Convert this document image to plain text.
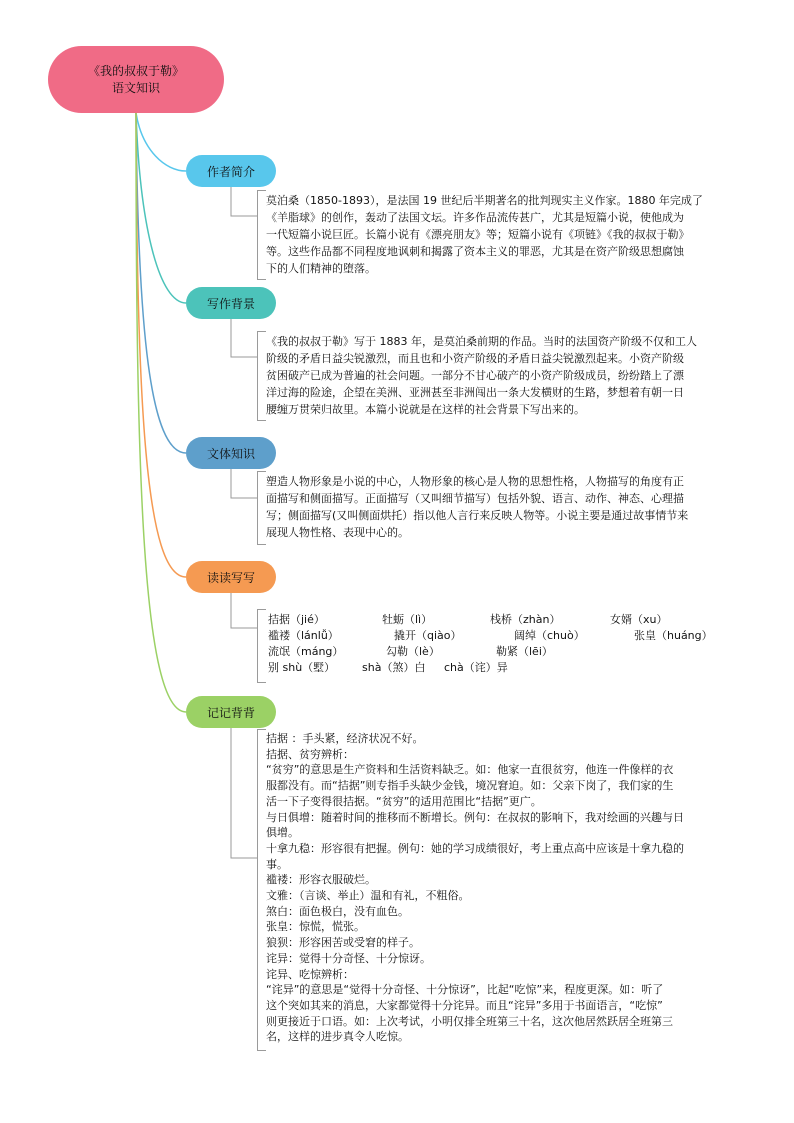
《我的叔叔于勒》
语文知识
作者简介

莫泊桑（1850-1893），是法国 19 世纪后半期著名的批判现实主义作家。1880 年完成了

《羊脂球》的创作，轰动了法国文坛。许多作品流传甚广，尤其是短篇小说，使他成为

一代短篇小说巨匠。长篇小说有《漂亮朋友》等；短篇小说有《项链》《我的叔叔于勒》

等。这些作品都不同程度地讽刺和揭露了资本主义的罪恶，尤其是在资产阶级思想腐蚀

下的人们精神的堕落。

写作背景

《我的叔叔于勒》写于 1883 年，是莫泊桑前期的作品。当时的法国资产阶级不仅和工人

阶级的矛盾日益尖锐激烈，而且也和小资产阶级的矛盾日益尖锐激烈起来。小资产阶级

贫困破产已成为普遍的社会问题。一部分不甘心破产的小资产阶级成员，纷纷踏上了漂

洋过海的险途，企望在美洲、亚洲甚至非洲闯出一条大发横财的生路，梦想着有朝一日

腰缠万贯荣归故里。本篇小说就是在这样的社会背景下写出来的。

文体知识

塑造人物形象是小说的中心，人物形象的核心是人物的思想性格，人物描写的角度有正

面描写和侧面描写。正面描写（又叫细节描写）包括外貌、语言、动作、神态、心理描

写；侧面描写(又叫侧面烘托）指以他人言行来反映人物等。小说主要是通过故事情节来

展现人物性格、表现中心的。

读读写写
拮据（jié）	牡蛎（lì）	栈桥（zhàn）	女婿（xu）
褴褛（lánlǚ）	撬开（qiào）	阔绰（chuò）	张皇（huáng）
流氓（máng）	勾勒（lè）	勒紧（lēi）
别 shù（墅） shà（煞）白 chà（诧）异
记记背背

拮据 ：手头紧，经济状况不好。

拮据、贫穷辨析：

“贫穷”的意思是生产资料和生活资料缺乏。如：他家一直很贫穷，他连一件像样的衣

服都没有。而“拮据”则专指手头缺少金钱，境况窘迫。如：父亲下岗了，我们家的生

活一下子变得很拮据。“贫穷”的适用范围比“拮据”更广。

与日俱增：随着时间的推移而不断增长。例句：在叔叔的影响下，我对绘画的兴趣与日

俱增。

十拿九稳：形容很有把握。例句：她的学习成绩很好，考上重点高中应该是十拿九稳的

事。

褴褛：形容衣服破烂。

文雅：（言谈、举止）温和有礼，不粗俗。

煞白：面色极白，没有血色。

张皇：惊慌，慌张。

狼狈：形容困苦或受窘的样子。

诧异：觉得十分奇怪、十分惊讶。

诧异、吃惊辨析：

“诧异”的意思是“觉得十分奇怪、十分惊讶”，比起“吃惊”来，程度更深。如：听了

这个突如其来的消息，大家都觉得十分诧异。而且“诧异”多用于书面语言，“吃惊”

则更接近于口语。如：上次考试，小明仅排全班第三十名，这次他居然跃居全班第三

名，这样的进步真令人吃惊。
